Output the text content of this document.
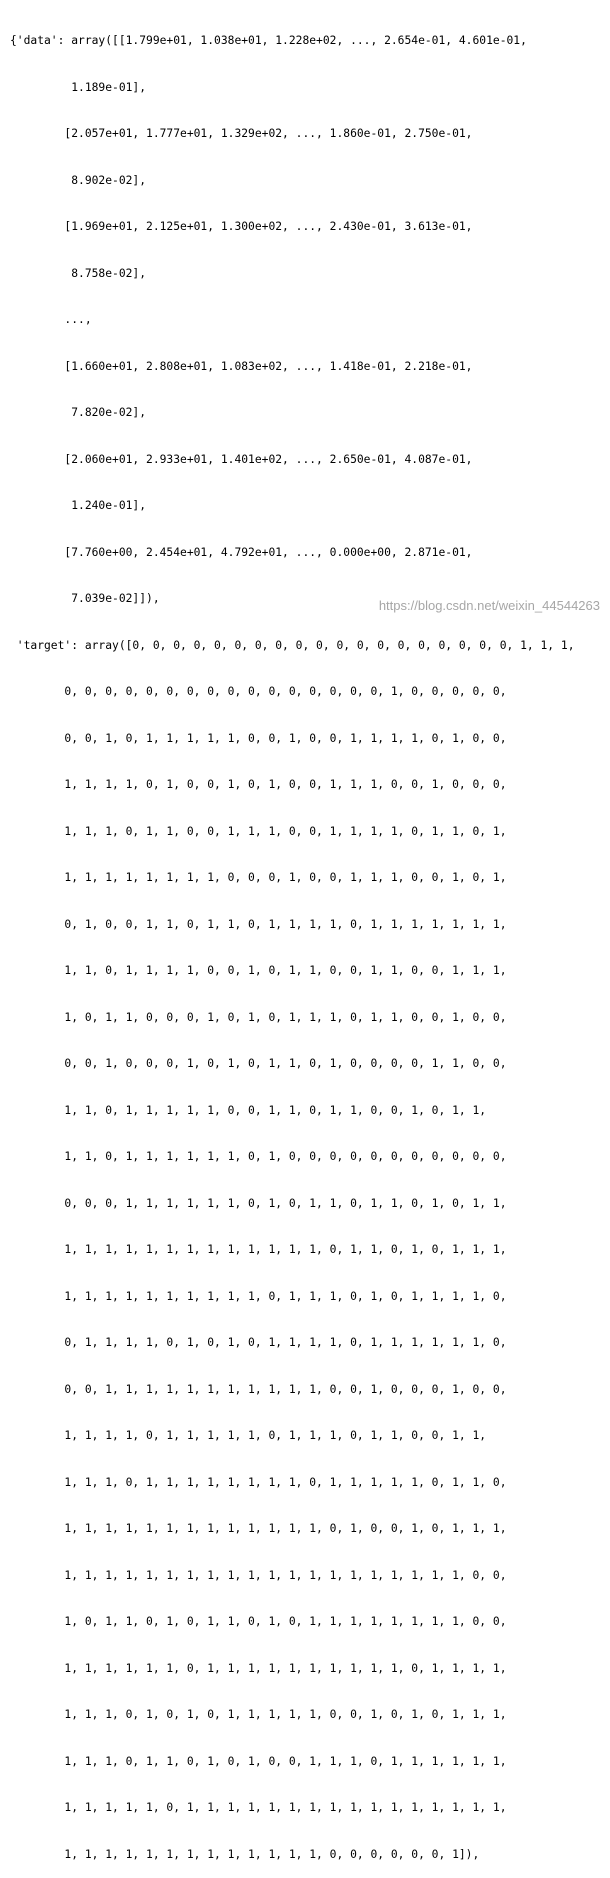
{'data': array([[1.799e+01, 1.038e+01, 1.228e+02, ..., 2.654e-01, 4.601e-01,

1.189e-01],

[2.057e+01, 1.777e+01, 1.329e+02, ..., 1.860e-01, 2.750e-01,

8.902e-02],

[1.969e+01, 2.125e+01, 1.300e+02, ..., 2.430e-01, 3.613e-01,

8.758e-02],

...,

[1.660e+01, 2.808e+01, 1.083e+02, ..., 1.418e-01, 2.218e-01,

7.820e-02],

[2.060e+01, 2.933e+01, 1.401e+02, ..., 2.650e-01, 4.087e-01,

1.240e-01],

[7.760e+00, 2.454e+01, 4.792e+01, ..., 0.000e+00, 2.871e-01,

7.039e-02]]),

'target': array([0, 0, 0, 0, 0, 0, 0, 0, 0, 0, 0, 0, 0, 0, 0, 0, 0, 0, 0, 1, 1, 1,

0, 0, 0, 0, 0, 0, 0, 0, 0, 0, 0, 0, 0, 0, 0, 0, 1, 0, 0, 0, 0, 0,

0, 0, 1, 0, 1, 1, 1, 1, 1, 0, 0, 1, 0, 0, 1, 1, 1, 1, 0, 1, 0, 0,

1, 1, 1, 1, 0, 1, 0, 0, 1, 0, 1, 0, 0, 1, 1, 1, 0, 0, 1, 0, 0, 0,

1, 1, 1, 0, 1, 1, 0, 0, 1, 1, 1, 0, 0, 1, 1, 1, 1, 0, 1, 1, 0, 1,

1, 1, 1, 1, 1, 1, 1, 1, 0, 0, 0, 1, 0, 0, 1, 1, 1, 0, 0, 1, 0, 1,

0, 1, 0, 0, 1, 1, 0, 1, 1, 0, 1, 1, 1, 1, 0, 1, 1, 1, 1, 1, 1, 1,

1, 1, 0, 1, 1, 1, 1, 0, 0, 1, 0, 1, 1, 0, 0, 1, 1, 0, 0, 1, 1, 1,

1, 0, 1, 1, 0, 0, 0, 1, 0, 1, 0, 1, 1, 1, 0, 1, 1, 0, 0, 1, 0, 0,

0, 0, 1, 0, 0, 0, 1, 0, 1, 0, 1, 1, 0, 1, 0, 0, 0, 0, 1, 1, 0, 0,

1, 1, 0, 1, 1, 1, 1, 1, 0, 0, 1, 1, 0, 1, 1, 0, 0, 1, 0, 1, 1,

1, 1, 0, 1, 1, 1, 1, 1, 1, 0, 1, 0, 0, 0, 0, 0, 0, 0, 0, 0, 0, 0,

0, 0, 0, 1, 1, 1, 1, 1, 1, 0, 1, 0, 1, 1, 0, 1, 1, 0, 1, 0, 1, 1,

1, 1, 1, 1, 1, 1, 1, 1, 1, 1, 1, 1, 1, 0, 1, 1, 0, 1, 0, 1, 1, 1,

1, 1, 1, 1, 1, 1, 1, 1, 1, 1, 0, 1, 1, 1, 0, 1, 0, 1, 1, 1, 1, 0,

0, 1, 1, 1, 1, 0, 1, 0, 1, 0, 1, 1, 1, 1, 0, 1, 1, 1, 1, 1, 1, 0,

0, 0, 1, 1, 1, 1, 1, 1, 1, 1, 1, 1, 1, 0, 0, 1, 0, 0, 0, 1, 0, 0,

1, 1, 1, 1, 0, 1, 1, 1, 1, 1, 0, 1, 1, 1, 0, 1, 1, 0, 0, 1, 1,

1, 1, 1, 0, 1, 1, 1, 1, 1, 1, 1, 1, 0, 1, 1, 1, 1, 1, 0, 1, 1, 0,

1, 1, 1, 1, 1, 1, 1, 1, 1, 1, 1, 1, 1, 0, 1, 0, 0, 1, 0, 1, 1, 1,

1, 1, 1, 1, 1, 1, 1, 1, 1, 1, 1, 1, 1, 1, 1, 1, 1, 1, 1, 1, 0, 0,

1, 0, 1, 1, 0, 1, 0, 1, 1, 0, 1, 0, 1, 1, 1, 1, 1, 1, 1, 1, 0, 0,

1, 1, 1, 1, 1, 1, 0, 1, 1, 1, 1, 1, 1, 1, 1, 1, 1, 0, 1, 1, 1, 1,

1, 1, 1, 0, 1, 0, 1, 0, 1, 1, 1, 1, 1, 0, 0, 1, 0, 1, 0, 1, 1, 1,

1, 1, 1, 0, 1, 1, 0, 1, 0, 1, 0, 0, 1, 1, 1, 0, 1, 1, 1, 1, 1, 1,

1, 1, 1, 1, 1, 0, 1, 1, 1, 1, 1, 1, 1, 1, 1, 1, 1, 1, 1, 1, 1, 1,

1, 1, 1, 1, 1, 1, 1, 1, 1, 1, 1, 1, 1, 0, 0, 0, 0, 0, 0, 1]),

https://blog.csdn.net/weixin_44544263
